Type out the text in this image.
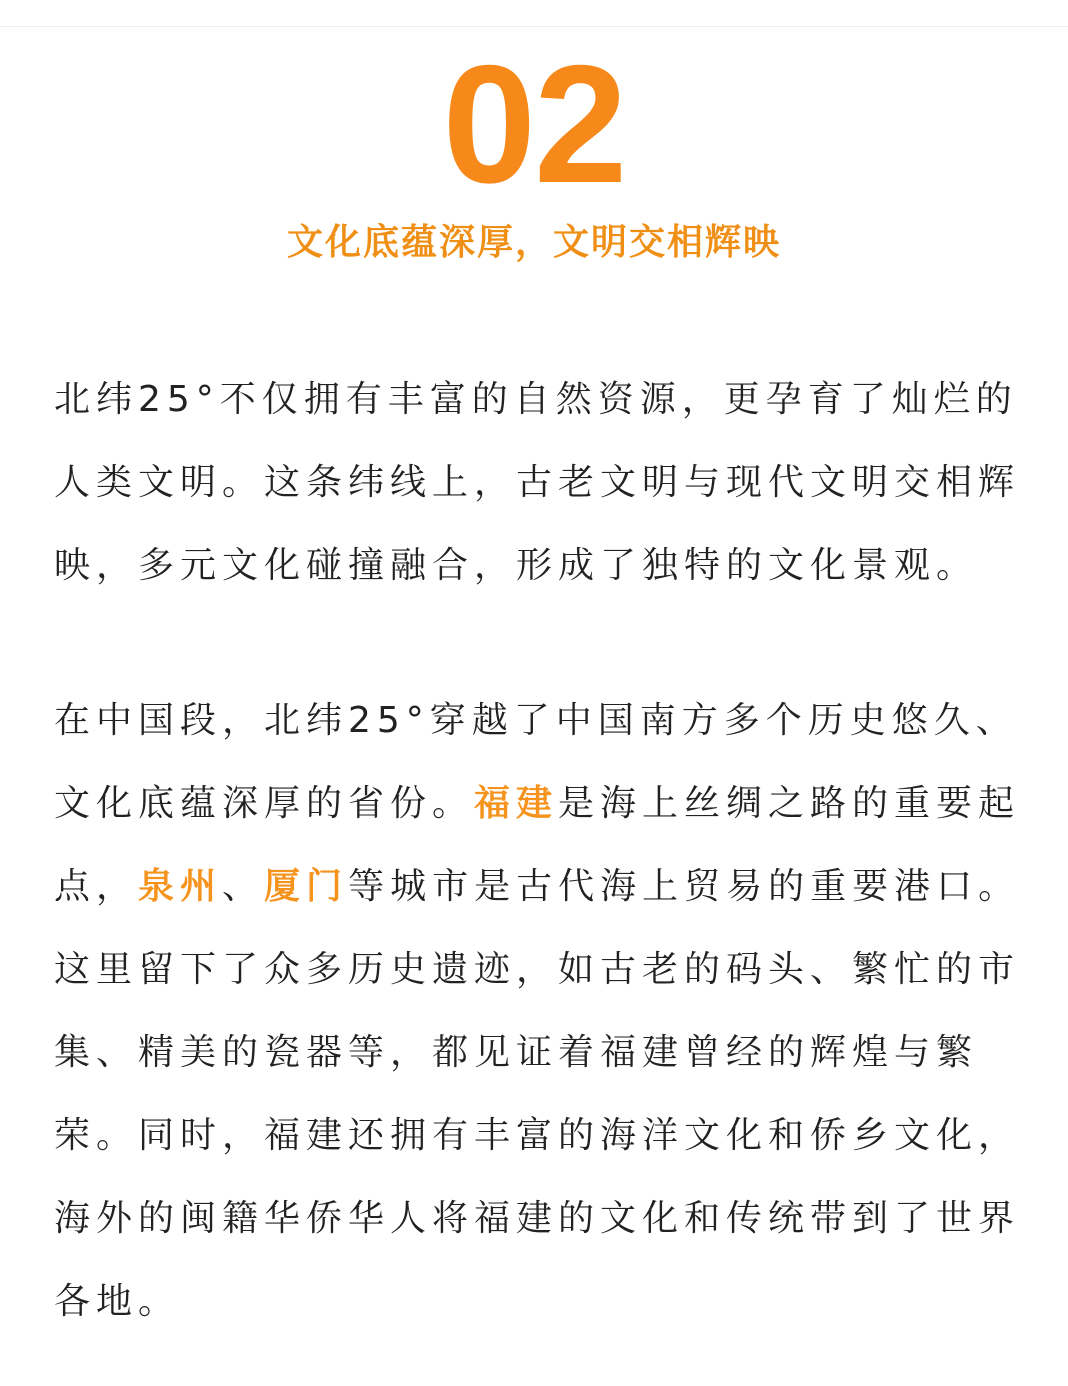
02
文化底蕴深厚，文明交相辉映

北纬25°不仅拥有丰富的自然资源，更孕育了灿烂的人类文明。这条纬线上，古老文明与现代文明交相辉映，多元文化碰撞融合，形成了独特的文化景观。

在中国段，北纬25°穿越了中国南方多个历史悠久、文化底蕴深厚的省份。福建是海上丝绸之路的重要起点，泉州、厦门等城市是古代海上贸易的重要港口。这里留下了众多历史遗迹，如古老的码头、繁忙的市集、精美的瓷器等，都见证着福建曾经的辉煌与繁荣。同时，福建还拥有丰富的海洋文化和侨乡文化，海外的闽籍华侨华人将福建的文化和传统带到了世界各地。
